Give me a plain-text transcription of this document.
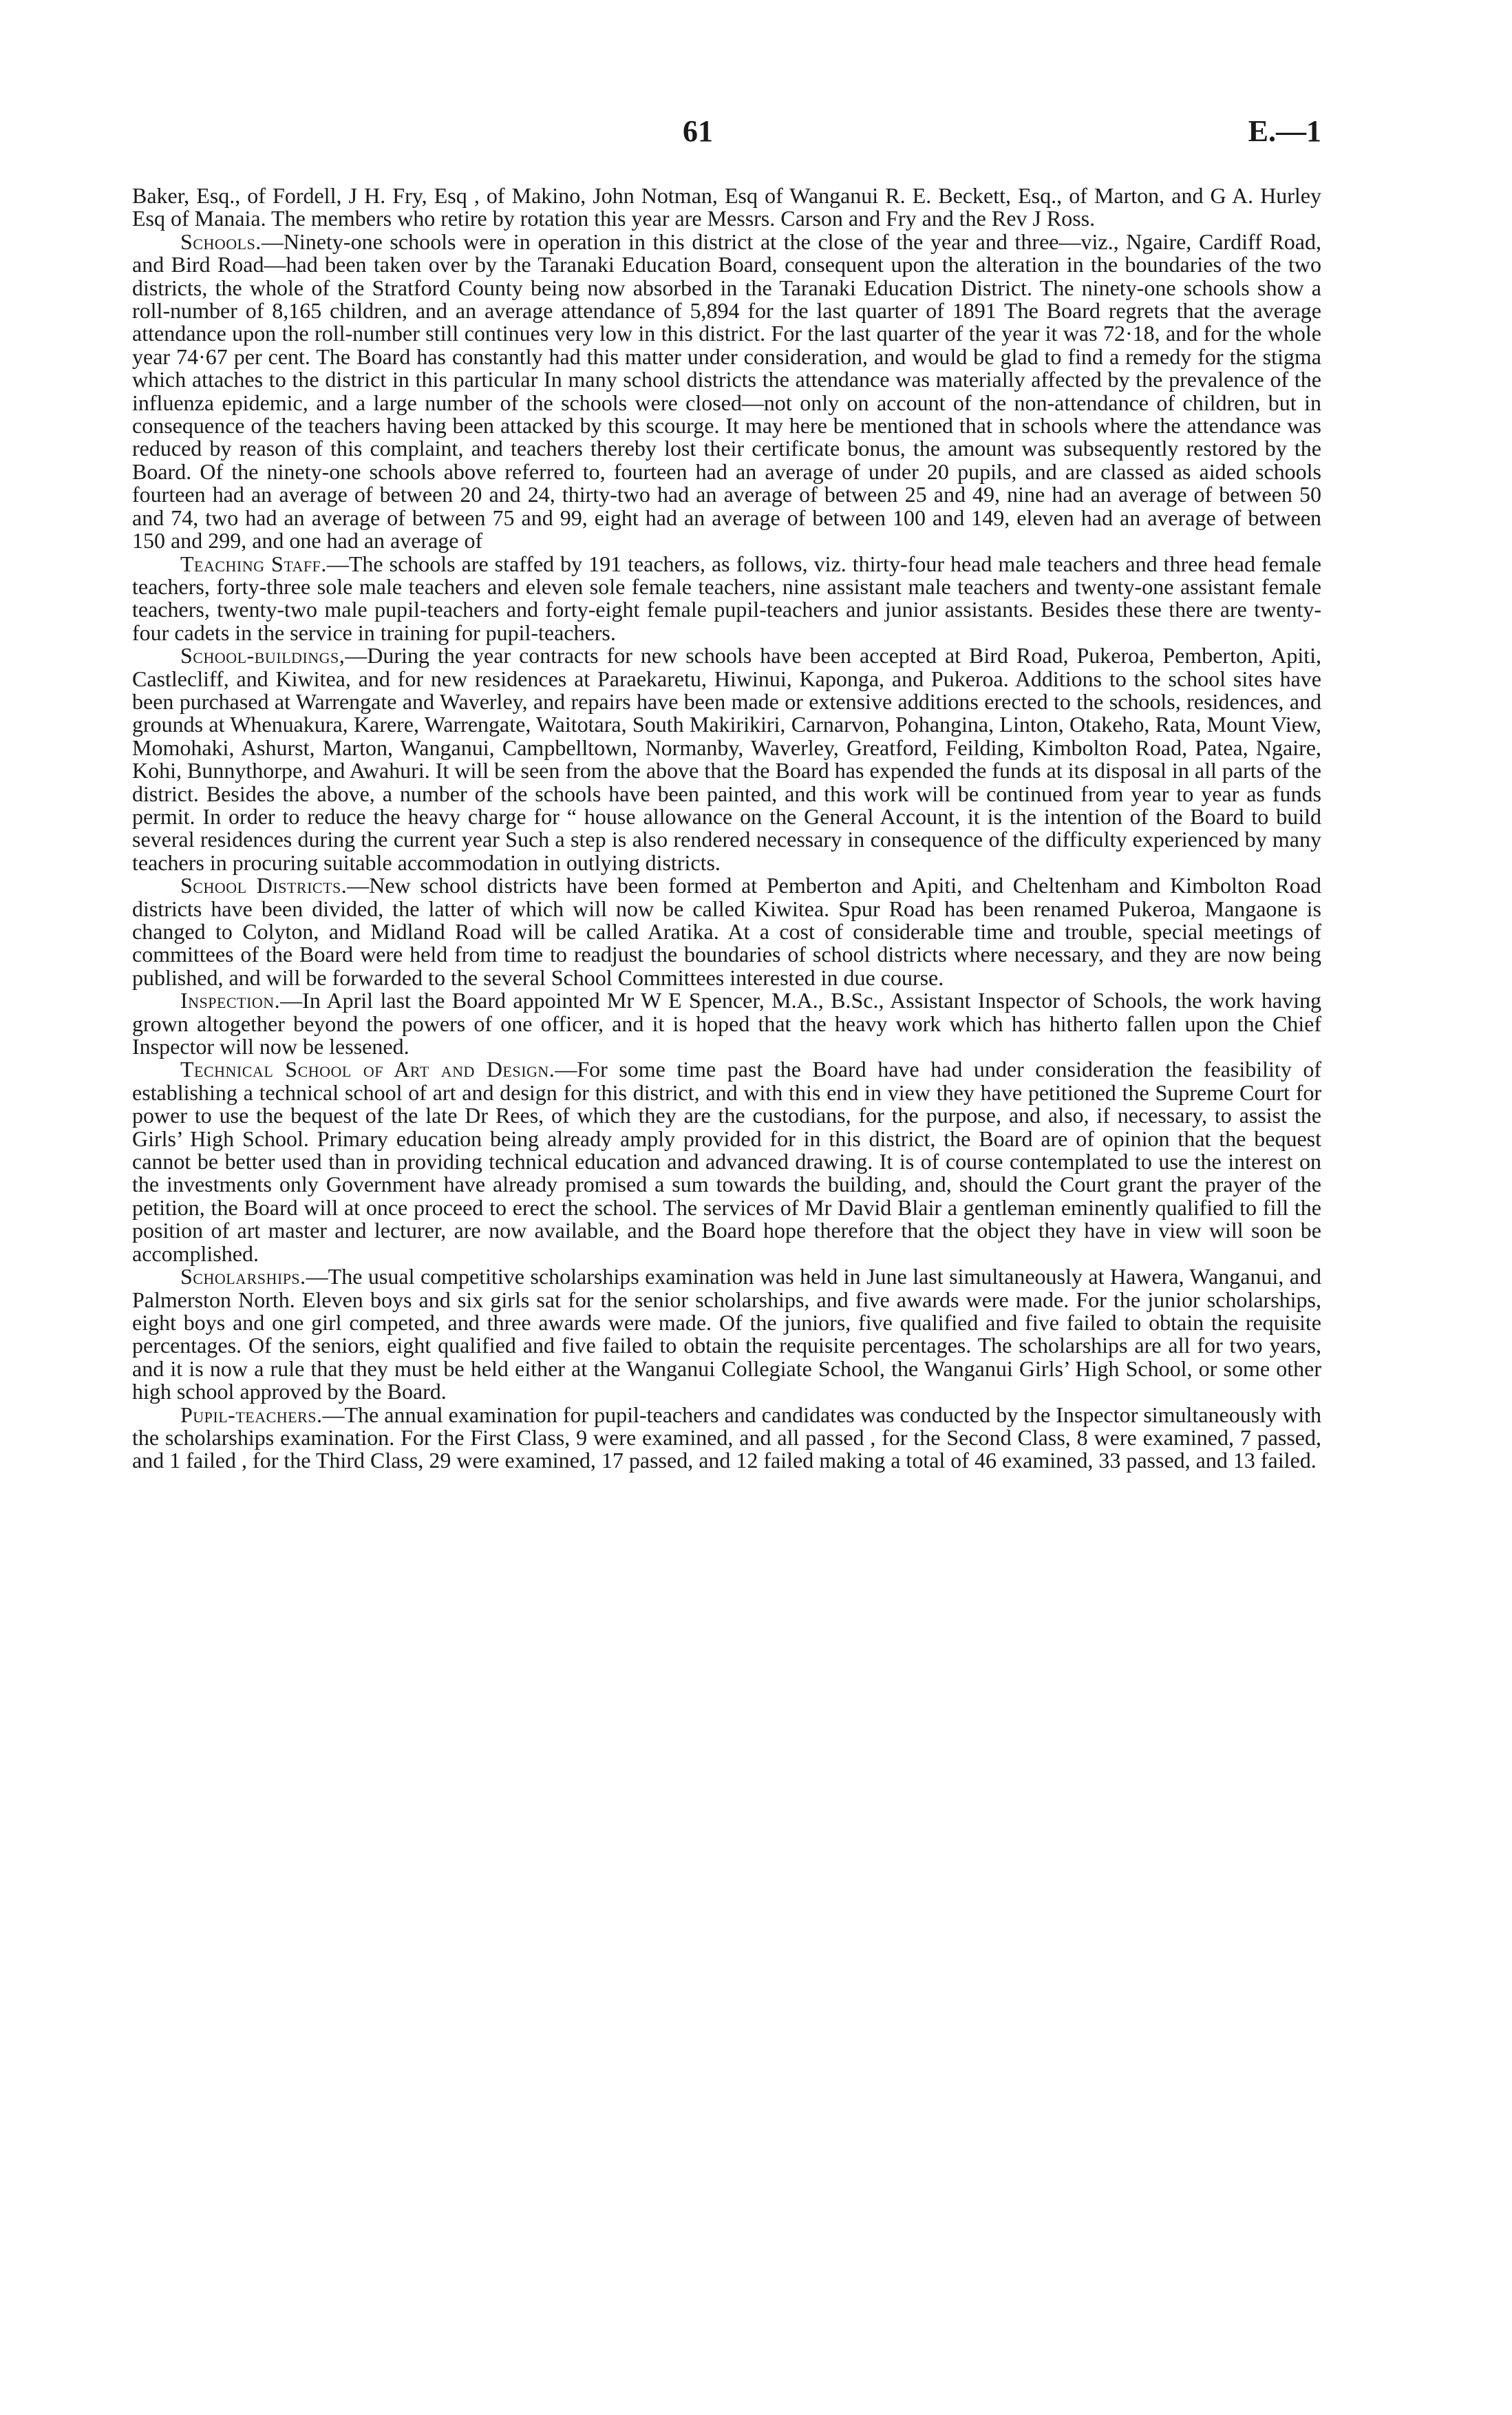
61	E.—1

Baker, Esq., of Fordell, J H. Fry, Esq , of Makino, John Notman, Esq of Wanganui R. E. Beckett, Esq., of Marton, and G A. Hurley Esq of Manaia. The members who retire by rotation this year are Messrs. Carson and Fry and the Rev J Ross.

Schools.—Ninety-one schools were in operation in this district at the close of the year and three—viz., Ngaire, Cardiff Road, and Bird Road—had been taken over by the Taranaki Education Board, consequent upon the alteration in the boundaries of the two districts, the whole of the Stratford County being now absorbed in the Taranaki Education District. The ninety-one schools show a roll-number of 8,165 children, and an average attendance of 5,894 for the last quarter of 1891 The Board regrets that the average attendance upon the roll-number still continues very low in this district. For the last quarter of the year it was 72·18, and for the whole year 74·67 per cent. The Board has constantly had this matter under consideration, and would be glad to find a remedy for the stigma which attaches to the district in this particular In many school districts the attendance was materially affected by the prevalence of the influenza epidemic, and a large number of the schools were closed—not only on account of the non-attendance of children, but in consequence of the teachers having been attacked by this scourge. It may here be mentioned that in schools where the attendance was reduced by reason of this complaint, and teachers thereby lost their certificate bonus, the amount was subsequently restored by the Board. Of the ninety-one schools above referred to, fourteen had an average of under 20 pupils, and are classed as aided schools fourteen had an average of between 20 and 24, thirty-two had an average of between 25 and 49, nine had an average of between 50 and 74, two had an average of between 75 and 99, eight had an average of between 100 and 149, eleven had an average of between 150 and 299, and one had an average of

Teaching Staff.—The schools are staffed by 191 teachers, as follows, viz. thirty-four head male teachers and three head female teachers, forty-three sole male teachers and eleven sole female teachers, nine assistant male teachers and twenty-one assistant female teachers, twenty-two male pupil-teachers and forty-eight female pupil-teachers and junior assistants. Besides these there are twenty-four cadets in the service in training for pupil-teachers.

School-buildings,—During the year contracts for new schools have been accepted at Bird Road, Pukeroa, Pemberton, Apiti, Castlecliff, and Kiwitea, and for new residences at Paraekaretu, Hiwinui, Kaponga, and Pukeroa. Additions to the school sites have been purchased at Warrengate and Waverley, and repairs have been made or extensive additions erected to the schools, residences, and grounds at Whenuakura, Karere, Warrengate, Waitotara, South Makirikiri, Carnarvon, Pohangina, Linton, Otakeho, Rata, Mount View, Momohaki, Ashurst, Marton, Wanganui, Campbelltown, Normanby, Waverley, Greatford, Feilding, Kimbolton Road, Patea, Ngaire, Kohi, Bunnythorpe, and Awahuri. It will be seen from the above that the Board has expended the funds at its disposal in all parts of the district. Besides the above, a number of the schools have been painted, and this work will be continued from year to year as funds permit. In order to reduce the heavy charge for “ house allowance on the General Account, it is the intention of the Board to build several residences during the current year Such a step is also rendered necessary in consequence of the difficulty experienced by many teachers in procuring suitable accommodation in outlying districts.

School Districts.—New school districts have been formed at Pemberton and Apiti, and Cheltenham and Kimbolton Road districts have been divided, the latter of which will now be called Kiwitea. Spur Road has been renamed Pukeroa, Mangaone is changed to Colyton, and Midland Road will be called Aratika. At a cost of considerable time and trouble, special meetings of committees of the Board were held from time to readjust the boundaries of school districts where necessary, and they are now being published, and will be forwarded to the several School Committees interested in due course.

Inspection.—In April last the Board appointed Mr W E Spencer, M.A., B.Sc., Assistant Inspector of Schools, the work having grown altogether beyond the powers of one officer, and it is hoped that the heavy work which has hitherto fallen upon the Chief Inspector will now be lessened.

Technical School of Art and Design.—For some time past the Board have had under consideration the feasibility of establishing a technical school of art and design for this district, and with this end in view they have petitioned the Supreme Court for power to use the bequest of the late Dr Rees, of which they are the custodians, for the purpose, and also, if necessary, to assist the Girls’ High School. Primary education being already amply provided for in this district, the Board are of opinion that the bequest cannot be better used than in providing technical education and advanced drawing. It is of course contemplated to use the interest on the investments only Government have already promised a sum towards the building, and, should the Court grant the prayer of the petition, the Board will at once proceed to erect the school. The services of Mr David Blair a gentleman eminently qualified to fill the position of art master and lecturer, are now available, and the Board hope therefore that the object they have in view will soon be accomplished.

Scholarships.—The usual competitive scholarships examination was held in June last simultaneously at Hawera, Wanganui, and Palmerston North. Eleven boys and six girls sat for the senior scholarships, and five awards were made. For the junior scholarships, eight boys and one girl competed, and three awards were made. Of the juniors, five qualified and five failed to obtain the requisite percentages. Of the seniors, eight qualified and five failed to obtain the requisite percentages. The scholarships are all for two years, and it is now a rule that they must be held either at the Wanganui Collegiate School, the Wanganui Girls’ High School, or some other high school approved by the Board.

Pupil-teachers.—The annual examination for pupil-teachers and candidates was conducted by the Inspector simultaneously with the scholarships examination. For the First Class, 9 were examined, and all passed , for the Second Class, 8 were examined, 7 passed, and 1 failed , for the Third Class, 29 were examined, 17 passed, and 12 failed making a total of 46 examined, 33 passed, and 13 failed.
